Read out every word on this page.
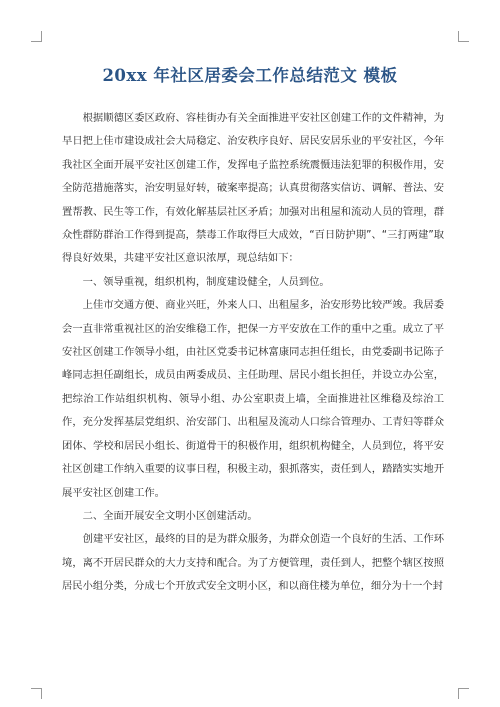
20xx 年社区居委会工作总结范文 模板

根据顺德区委区政府、容桂街办有关全面推进平安社区创建工作的文件精神，为早日把上佳市建设成社会大局稳定、治安秩序良好、居民安居乐业的平安社区，今年我社区全面开展平安社区创建工作，发挥电子监控系统震慑违法犯罪的积极作用，安全防范措施落实，治安明显好转，破案率提高；认真贯彻落实信访、调解、普法、安置帮教、民生等工作，有效化解基层社区矛盾；加强对出租屋和流动人员的管理，群众性群防群治工作得到提高，禁毒工作取得巨大成效，“百日防护期”、“三打两建”取得良好效果，共建平安社区意识浓厚，现总结如下：

一、领导重视，组织机构，制度建设健全，人员到位。

上佳市交通方便、商业兴旺，外来人口、出租屋多，治安形势比较严竣。我居委会一直非常重视社区的治安维稳工作，把保一方平安放在工作的重中之重。成立了平安社区创建工作领导小组，由社区党委书记林富康同志担任组长，由党委副书记陈子峰同志担任副组长，成员由两委成员、主任助理、居民小组长担任，并设立办公室，把综治工作站组织机构、领导小组、办公室职责上墙，全面推进社区维稳及综治工作，充分发挥基层党组织、治安部门、出租屋及流动人口综合管理办、工青妇等群众团体、学校和居民小组长、街道骨干的积极作用，组织机构健全，人员到位，将平安社区创建工作纳入重要的议事日程，积极主动，狠抓落实，责任到人，踏踏实实地开展平安社区创建工作。

二、全面开展安全文明小区创建活动。

创建平安社区，最终的目的是为群众服务，为群众创造一个良好的生活、工作环境，离不开居民群众的大力支持和配合。为了方便管理，责任到人，把整个辖区按照居民小组分类，分成七个开放式安全文明小区，和以商住楼为单位，细分为十一个封
